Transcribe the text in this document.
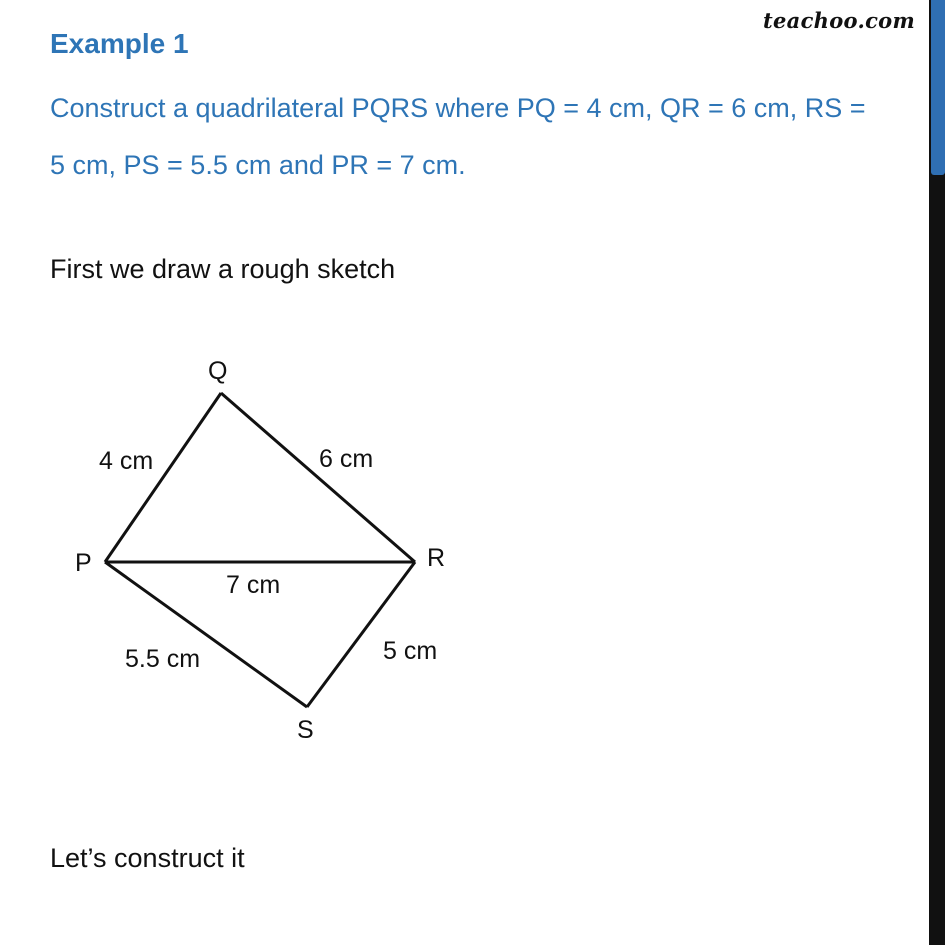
teachoo.com
Example 1
Construct a quadrilateral PQRS where PQ = 4 cm, QR = 6 cm, RS =
5 cm, PS = 5.5 cm and PR = 7 cm.
First we draw a rough sketch
Q
P	R
S
4 cm	6 cm
7 cm
5.5 cm	5 cm
Let’s construct it
